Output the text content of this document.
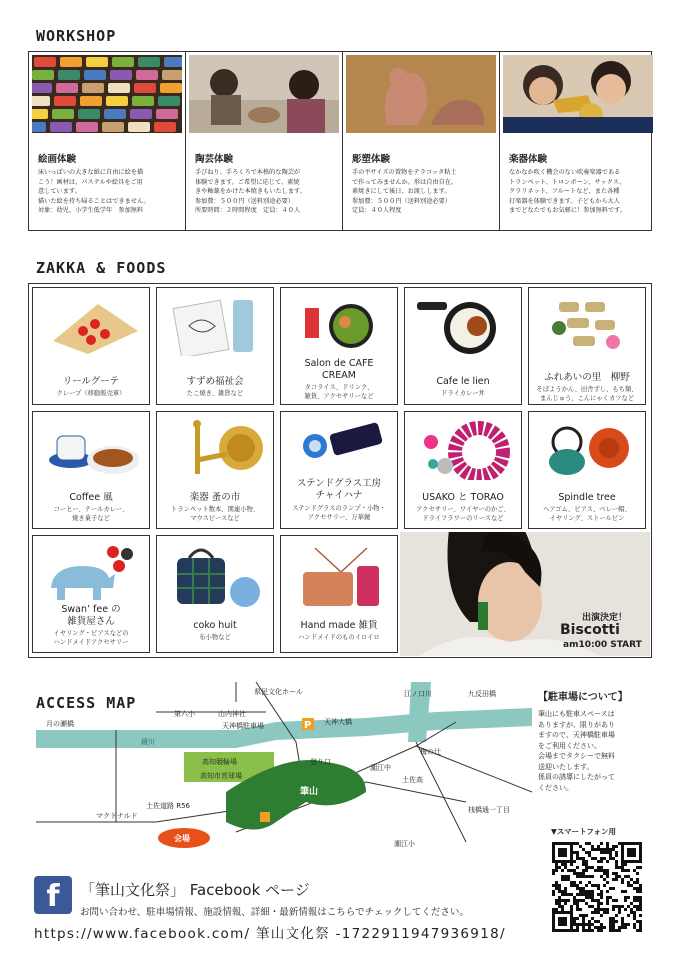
WORKSHOP
絵画体験
床いっぱいの大きな紙に自由に絵を描
こう！画材は、パステルや絵具をご用
意しています。
描いた絵を持ち帰ることはできません。
対象：幼児、小学生低学年　参加無料
陶芸体験
手びねり、手ろくろで本格的な陶芸が
体験できます。ご希望に応じて、素焼
きや釉薬をかけた本焼きもいたします。
参加費：５００円（送料別途必要）
所要時間：２時間程度　定員：４０人
彫塑体験
手の平サイズの置物をテラコッタ粘土
で作ってみませんか。形は自由自在。
素焼きにして後日、お渡しします。
参加費：５００円（送料別途必要）
定員：４０人程度
楽器体験
なかなか吹く機会のない吹奏楽器である
トランペット、トロンボーン、サックス、
クラリネット、フルートなど、また各種
打楽器を体験できます。子どもから大人
までどなたでもお気軽に！参加無料です。
ZAKKA & FOODS
リールグーテ
クレープ（移動販売車）
すずめ福祉会
たこ焼き、雑貨など
Salon de CAFE
CREAM
タコライス、ドリンク、
雑貨、アクセサリーなど
Cafe le lien
ドライカレー丼
ふれあいの里　柳野
そばようかん、田舎ずし、もち類、
まんじゅう、こんにゃくカツなど
Coffee 風
コーヒー、テールカレー、
焼き菓子など
楽器 蚤の市
トランペット数本、関連小物、
マウスピースなど
ステンドグラス工房
チャイハナ
ステンドグラスのランプ・小物・
アクセサリー、万華鏡
USAKO と TORAO
アクセサリー、ワイヤーのかご、
ドライフラワーのリースなど
Spindle tree
ヘアゴム、ピアス、ベレー帽、
イヤリング、ストールピン
Swan’ fee の
雑貨屋さん
イヤリング・ピアスなどの
ハンドメイドアクセサリー
coko huit
布小物など
Hand made 雑貨
ハンドメイドのものイロイロ
出演決定！
Biscotti
am10:00 START
ACCESS MAP
P
県民文化ホール
第六小	山内神社
鏡川
月の瀬橋	天神橋駐車場	天神大橋
江ノ口川	九反田橋
梅の辻
登り口
潮江中
土佐高
高知競輪場
高知市営球場
筆山
土佐道路 R56
マクドナルド
会場
桟橋通一丁目
潮江小
【駐車場について】
筆山にも駐車スペースは
ありますが、限りがあり
ますので、天神橋駐車場
をご利用ください。
会場までタクシーで無料
送迎いたします。
係員の誘導にしたがって
ください。
▼スマートフォン用
f	「筆山文化祭」 Facebook ページ
お問い合わせ、駐車場情報、施設情報、詳細・最新情報はこちらでチェックしてください。
https://www.facebook.com/ 筆山文化祭 -1722911947936918/
